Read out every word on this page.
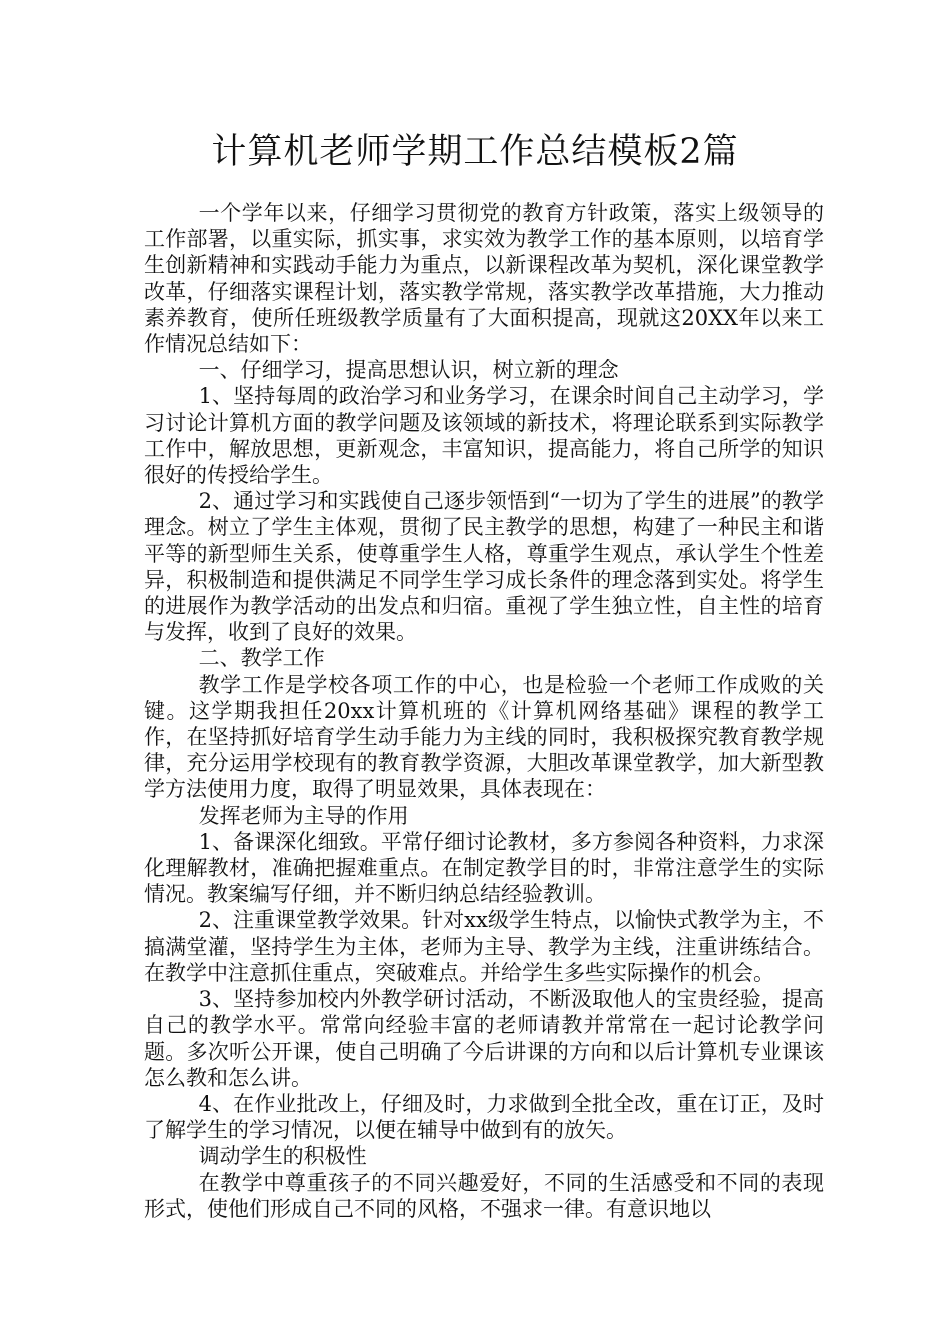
计算机老师学期工作总结模板2篇

一个学年以来，仔细学习贯彻党的教育方针政策，落实上级领导的工作部署，以重实际，抓实事，求实效为教学工作的基本原则，以培育学生创新精神和实践动手能力为重点，以新课程改革为契机，深化课堂教学改革，仔细落实课程计划，落实教学常规，落实教学改革措施，大力推动素养教育，使所任班级教学质量有了大面积提高，现就这20XX年以来工作情况总结如下：

一、仔细学习，提高思想认识，树立新的理念

1、坚持每周的政治学习和业务学习，在课余时间自己主动学习，学习讨论计算机方面的教学问题及该领域的新技术，将理论联系到实际教学工作中，解放思想，更新观念，丰富知识，提高能力，将自己所学的知识很好的传授给学生。

2、通过学习和实践使自己逐步领悟到“一切为了学生的进展”的教学理念。树立了学生主体观，贯彻了民主教学的思想，构建了一种民主和谐平等的新型师生关系，使尊重学生人格，尊重学生观点，承认学生个性差异，积极制造和提供满足不同学生学习成长条件的理念落到实处。将学生的进展作为教学活动的出发点和归宿。重视了学生独立性，自主性的培育与发挥，收到了良好的效果。

二、教学工作

教学工作是学校各项工作的中心，也是检验一个老师工作成败的关键。这学期我担任20xx计算机班的《计算机网络基础》课程的教学工作，在坚持抓好培育学生动手能力为主线的同时，我积极探究教育教学规律，充分运用学校现有的教育教学资源，大胆改革课堂教学，加大新型教学方法使用力度，取得了明显效果，具体表现在：

发挥老师为主导的作用

1、备课深化细致。平常仔细讨论教材，多方参阅各种资料，力求深化理解教材，准确把握难重点。在制定教学目的时，非常注意学生的实际情况。教案编写仔细，并不断归纳总结经验教训。

2、注重课堂教学效果。针对xx级学生特点，以愉快式教学为主，不搞满堂灌，坚持学生为主体，老师为主导、教学为主线，注重讲练结合。在教学中注意抓住重点，突破难点。并给学生多些实际操作的机会。

3、坚持参加校内外教学研讨活动，不断汲取他人的宝贵经验，提高自己的教学水平。常常向经验丰富的老师请教并常常在一起讨论教学问题。多次听公开课，使自己明确了今后讲课的方向和以后计算机专业课该怎么教和怎么讲。

4、在作业批改上，仔细及时，力求做到全批全改，重在订正，及时了解学生的学习情况，以便在辅导中做到有的放矢。

调动学生的积极性

在教学中尊重孩子的不同兴趣爱好，不同的生活感受和不同的表现形式，使他们形成自己不同的风格，不强求一律。有意识地以
